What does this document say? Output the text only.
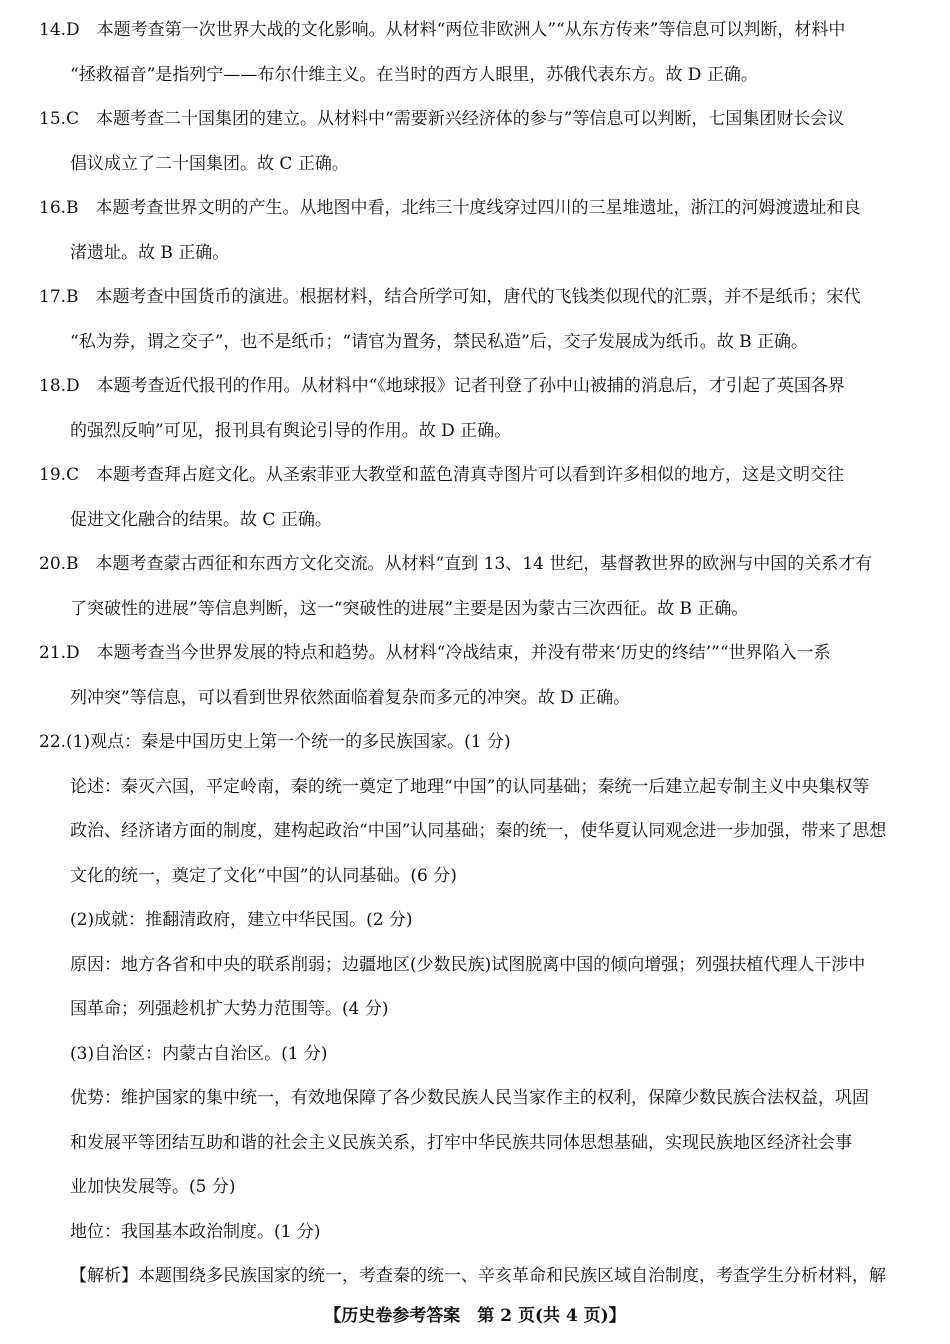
14.D　本题考查第一次世界大战的文化影响。从材料“两位非欧洲人”“从东方传来”等信息可以判断，材料中
“拯救福音”是指列宁——布尔什维主义。在当时的西方人眼里，苏俄代表东方。故 D 正确。
15.C　本题考查二十国集团的建立。从材料中“需要新兴经济体的参与”等信息可以判断，七国集团财长会议
倡议成立了二十国集团。故 C 正确。
16.B　本题考查世界文明的产生。从地图中看，北纬三十度线穿过四川的三星堆遗址，浙江的河姆渡遗址和良
渚遗址。故 B 正确。
17.B　本题考查中国货币的演进。根据材料，结合所学可知，唐代的飞钱类似现代的汇票，并不是纸币；宋代
“私为券，谓之交子”，也不是纸币；“请官为置务，禁民私造”后，交子发展成为纸币。故 B 正确。
18.D　本题考查近代报刊的作用。从材料中“《地球报》记者刊登了孙中山被捕的消息后，才引起了英国各界
的强烈反响”可见，报刊具有舆论引导的作用。故 D 正确。
19.C　本题考查拜占庭文化。从圣索菲亚大教堂和蓝色清真寺图片可以看到许多相似的地方，这是文明交往
促进文化融合的结果。故 C 正确。
20.B　本题考查蒙古西征和东西方文化交流。从材料“直到 13、14 世纪，基督教世界的欧洲与中国的关系才有
了突破性的进展”等信息判断，这一“突破性的进展”主要是因为蒙古三次西征。故 B 正确。
21.D　本题考查当今世界发展的特点和趋势。从材料“冷战结束，并没有带来‘历史的终结’”“世界陷入一系
列冲突”等信息，可以看到世界依然面临着复杂而多元的冲突。故 D 正确。
22.(1)观点：秦是中国历史上第一个统一的多民族国家。(1 分)
论述：秦灭六国，平定岭南，秦的统一奠定了地理“中国”的认同基础；秦统一后建立起专制主义中央集权等
政治、经济诸方面的制度，建构起政治“中国”认同基础；秦的统一，使华夏认同观念进一步加强，带来了思想
文化的统一，奠定了文化“中国”的认同基础。(6 分)
(2)成就：推翻清政府，建立中华民国。(2 分)
原因：地方各省和中央的联系削弱；边疆地区(少数民族)试图脱离中国的倾向增强；列强扶植代理人干涉中
国革命；列强趁机扩大势力范围等。(4 分)
(3)自治区：内蒙古自治区。(1 分)
优势：维护国家的集中统一，有效地保障了各少数民族人民当家作主的权利，保障少数民族合法权益，巩固
和发展平等团结互助和谐的社会主义民族关系，打牢中华民族共同体思想基础，实现民族地区经济社会事
业加快发展等。(5 分)
地位：我国基本政治制度。(1 分)
【解析】本题围绕多民族国家的统一，考查秦的统一、辛亥革命和民族区域自治制度，考查学生分析材料，解
【历史卷参考答案　第 2 页(共 4 页)】
